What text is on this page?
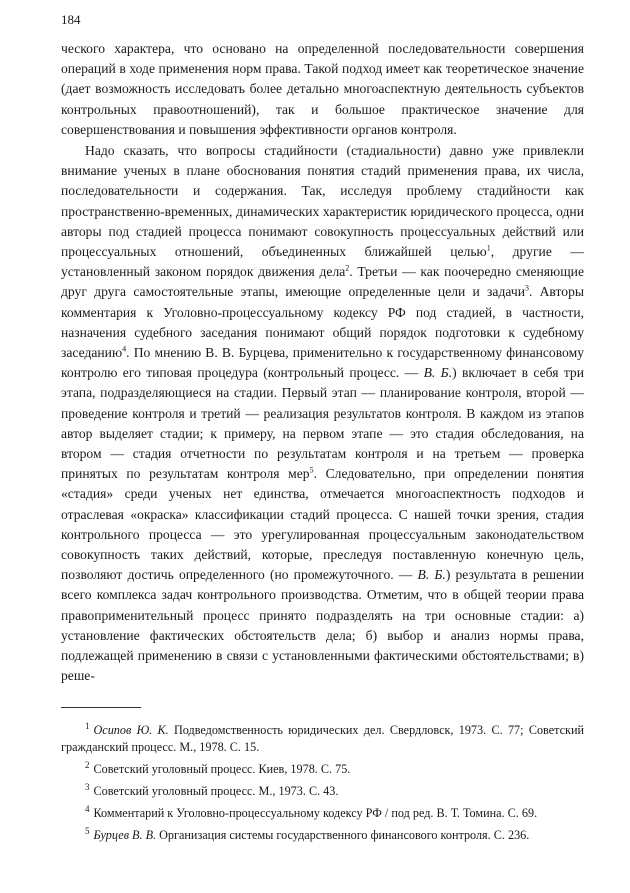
184

ческого характера, что основано на определенной последовательности совершения операций в ходе применения норм права. Такой подход имеет как теоретическое значение (дает возможность исследовать более детально многоаспектную деятельность субъектов контрольных правоотношений), так и большое практическое значение для совершенствования и повышения эффективности органов контроля.

Надо сказать, что вопросы стадийности (стадиальности) давно уже привлекли внимание ученых в плане обоснования понятия стадий применения права, их числа, последовательности и содержания. Так, исследуя проблему стадийности как пространственно-временных, динамических характеристик юридического процесса, одни авторы под стадией процесса понимают совокупность процессуальных действий или процессуальных отношений, объединенных ближайшей целью$^1$, другие — установленный законом порядок движения дела$^2$. Третьи — как поочередно сменяющие друг друга самостоятельные этапы, имеющие определенные цели и задачи$^3$. Авторы комментария к Уголовно-процессуальному кодексу РФ под стадией, в частности, назначения судебного заседания понимают общий порядок подготовки к судебному заседанию$^4$. По мнению В. В. Бурцева, применительно к государственному финансовому контролю его типовая процедура (контрольный процесс. — В. Б.) включает в себя три этапа, подразделяющиеся на стадии. Первый этап — планирование контроля, второй — проведение контроля и третий — реализация результатов контроля. В каждом из этапов автор выделяет стадии; к примеру, на первом этапе — это стадия обследования, на втором — стадия отчетности по результатам контроля и на третьем — проверка принятых по результатам контроля мер$^5$. Следовательно, при определении понятия «стадия» среди ученых нет единства, отмечается многоаспектность подходов и отраслевая «окраска» классификации стадий процесса. С нашей точки зрения, стадия контрольного процесса — это урегулированная процессуальным законодательством совокупность таких действий, которые, преследуя поставленную конечную цель, позволяют достичь определенного (но промежуточного. — В. Б.) результата в решении всего комплекса задач контрольного производства. Отметим, что в общей теории права правоприменительный процесс принято подразделять на три основные стадии: а) установление фактических обстоятельств дела; б) выбор и анализ нормы права, подлежащей применению в связи с установленными фактическими обстоятельствами; в) реше-

$^1$ Осипов Ю. К. Подведомственность юридических дел. Свердловск, 1973. С. 77; Советский гражданский процесс. М., 1978. С. 15.

$^2$ Советский уголовный процесс. Киев, 1978. С. 75.

$^3$ Советский уголовный процесс. М., 1973. С. 43.

$^4$ Комментарий к Уголовно-процессуальному кодексу РФ / под ред. В. Т. Томина. С. 69.

$^5$ Бурцев В. В. Организация системы государственного финансового контроля. С. 236.
